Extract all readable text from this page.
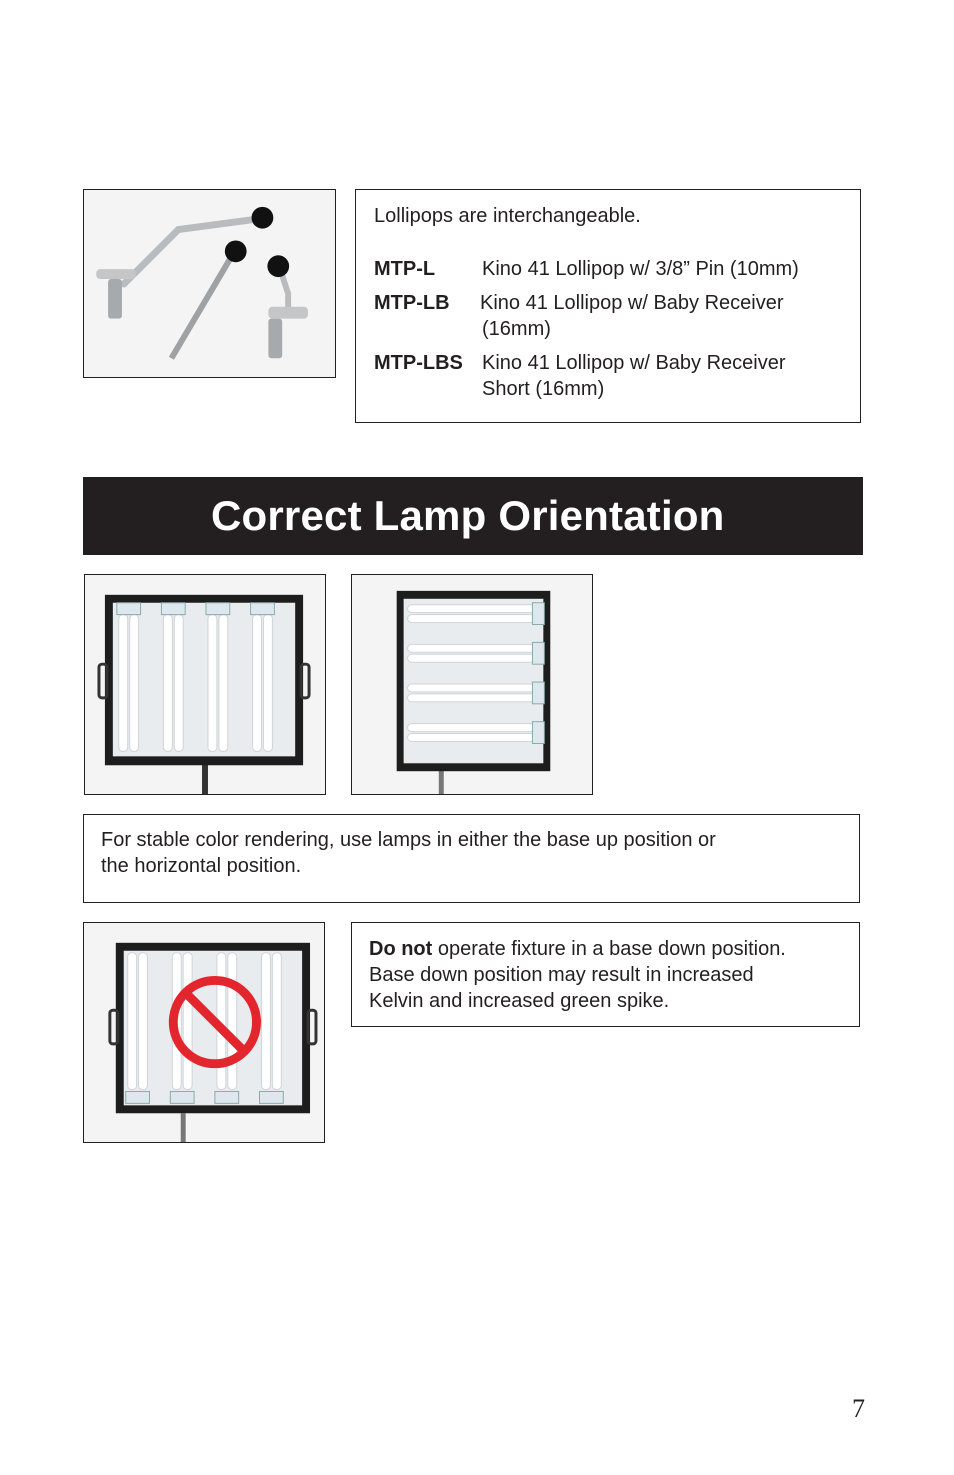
Lollipops are interchangeable.
MTP-L Kino 41 Lollipop w/ 3/8” Pin (10mm)
MTP-LB Kino 41 Lollipop w/ Baby Receiver
(16mm)
MTP-LBS Kino 41 Lollipop w/ Baby Receiver
Short (16mm)
Correct Lamp Orientation
For stable color rendering, use lamps in either the base up position or
the horizontal position.
Do not operate fixture in a base down position.
Base down position may result in increased
Kelvin and increased green spike.
7
